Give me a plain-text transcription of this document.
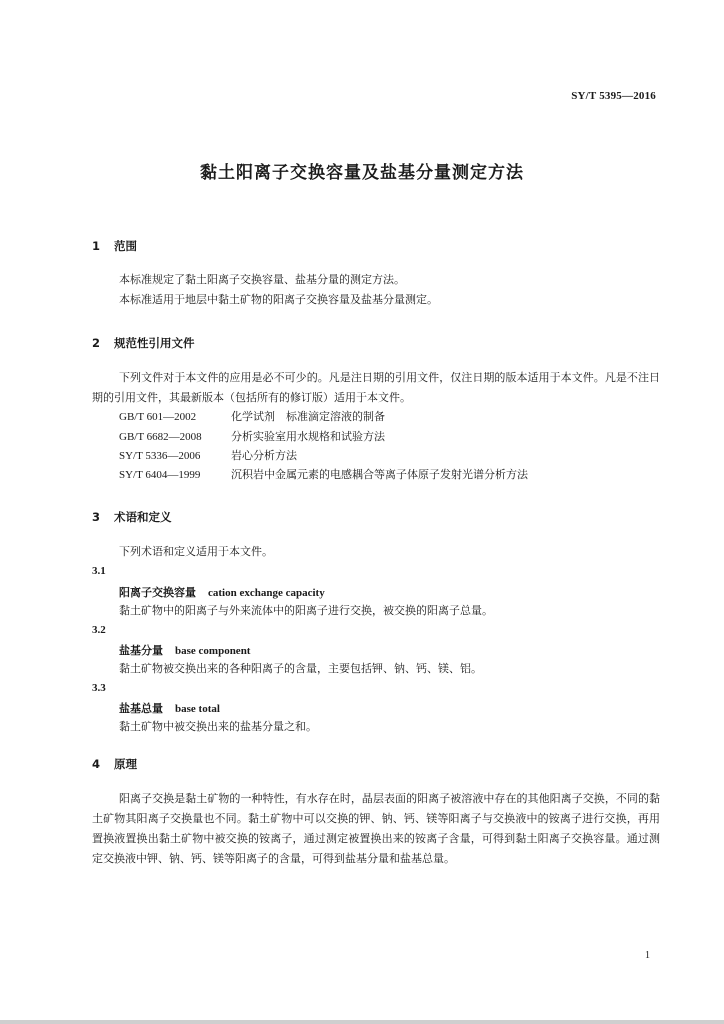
SY/T 5395—2016
黏土阳离子交换容量及盐基分量测定方法
1 范围
本标准规定了黏土阳离子交换容量、盐基分量的测定方法。
本标准适用于地层中黏土矿物的阳离子交换容量及盐基分量测定。
2 规范性引用文件
下列文件对于本文件的应用是必不可少的。凡是注日期的引用文件，仅注日期的版本适用于本文件。凡是不注日期的引用文件，其最新版本（包括所有的修订版）适用于本文件。
GB/T 601—2002	化学试剂　标准滴定溶液的制备
GB/T 6682—2008	分析实验室用水规格和试验方法
SY/T 5336—2006	岩心分析方法
SY/T 6404—1999	沉积岩中金属元素的电感耦合等离子体原子发射光谱分析方法
3 术语和定义
下列术语和定义适用于本文件。
3.1
阳离子交换容量 cation exchange capacity
黏土矿物中的阳离子与外来流体中的阳离子进行交换，被交换的阳离子总量。
3.2
盐基分量 base component
黏土矿物被交换出来的各种阳离子的含量，主要包括钾、钠、钙、镁、铝。
3.3
盐基总量 base total
黏土矿物中被交换出来的盐基分量之和。
4 原理
阳离子交换是黏土矿物的一种特性，有水存在时，晶层表面的阳离子被溶液中存在的其他阳离子交换，不同的黏土矿物其阳离子交换量也不同。黏土矿物中可以交换的钾、钠、钙、镁等阳离子与交换液中的铵离子进行交换，再用置换液置换出黏土矿物中被交换的铵离子，通过测定被置换出来的铵离子含量，可得到黏土阳离子交换容量。通过测定交换液中钾、钠、钙、镁等阳离子的含量，可得到盐基分量和盐基总量。
1
